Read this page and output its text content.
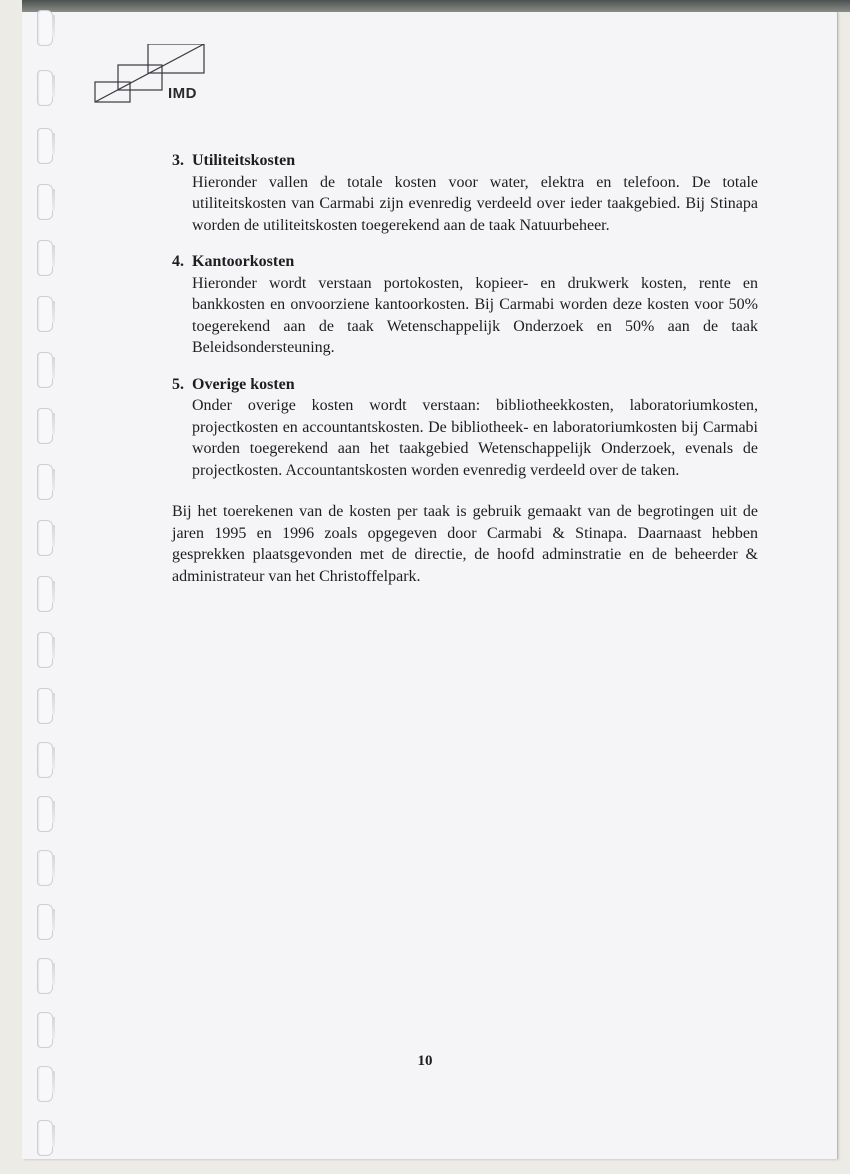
IMD
3. Utiliteitskosten
Hieronder vallen de totale kosten voor water, elektra en telefoon. De totale utiliteitskosten van Carmabi zijn evenredig verdeeld over ieder taakgebied. Bij Stinapa worden de utiliteitskosten toegerekend aan de taak Natuurbeheer.
4. Kantoorkosten
Hieronder wordt verstaan portokosten, kopieer- en drukwerk kosten, rente en bankkosten en onvoorziene kantoorkosten. Bij Carmabi worden deze kosten voor 50% toegerekend aan de taak Wetenschappelijk Onderzoek en 50% aan de taak Beleidsondersteuning.
5. Overige kosten
Onder overige kosten wordt verstaan: bibliotheekkosten, laboratoriumkosten, projectkosten en accountantskosten. De bibliotheek- en laboratoriumkosten bij Carmabi worden toegerekend aan het taakgebied Wetenschappelijk Onderzoek, evenals de projectkosten. Accountantskosten worden evenredig verdeeld over de taken.
Bij het toerekenen van de kosten per taak is gebruik gemaakt van de begrotingen uit de jaren 1995 en 1996 zoals opgegeven door Carmabi & Stinapa. Daarnaast hebben gesprekken plaatsgevonden met de directie, de hoofd adminstratie en de beheerder & administrateur van het Christoffelpark.
10
